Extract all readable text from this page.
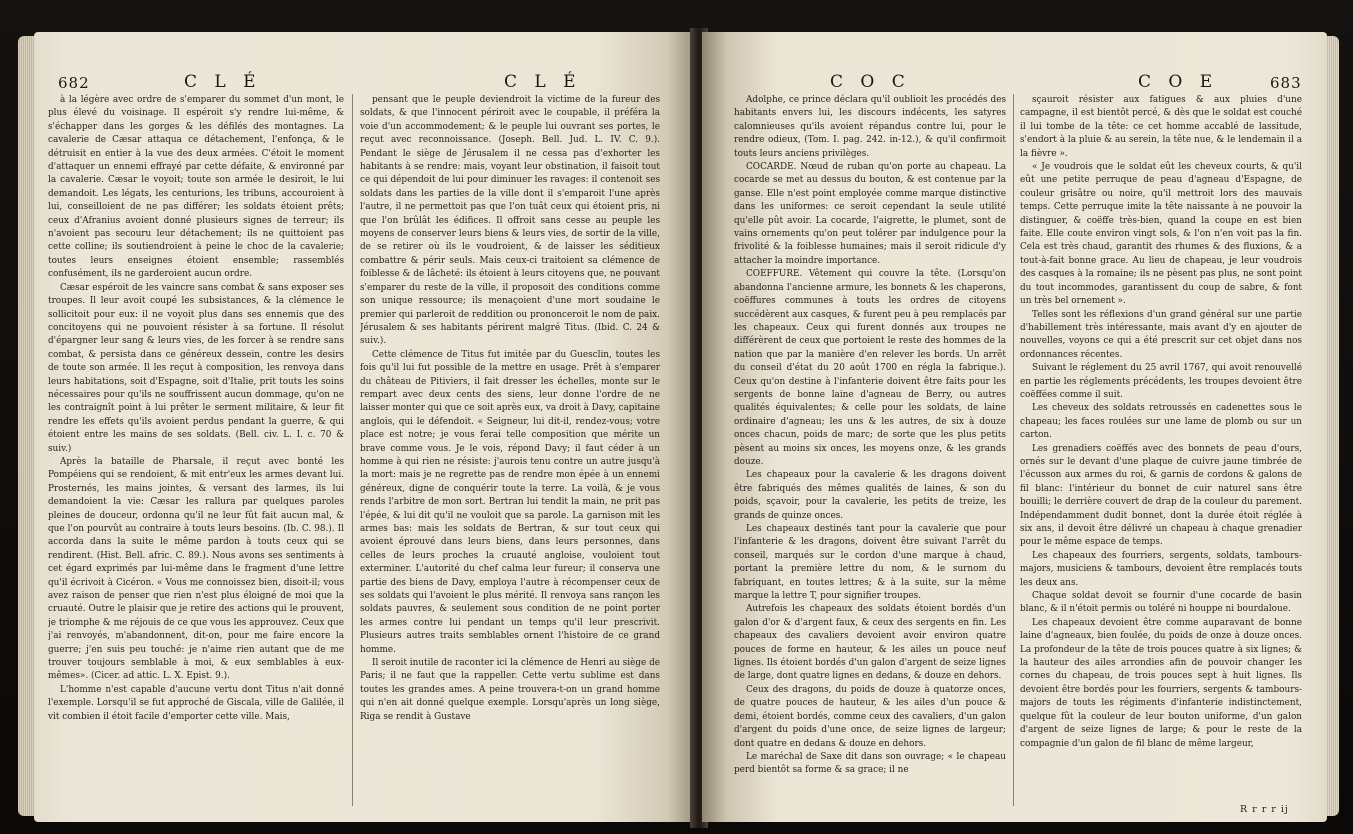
682	C L É	C L É

à la légère avec ordre de s'emparer du sommet d'un mont, le plus élevé du voisinage. Il espéroit s'y rendre lui-même, & s'échapper dans les gorges & les défilés des montagnes. La cavalerie de Cæsar attaqua ce détachement, l'enfonça, & le détruisit en entier à la vue des deux armées. C'étoit le moment d'attaquer un ennemi effrayé par cette défaite, & environné par la cavalerie. Cæsar le voyoit; toute son armée le desiroit, le lui demandoit. Les légats, les centurions, les tribuns, accouroient à lui, conseilloient de ne pas différer; les soldats étoient prêts; ceux d'Afranius avoient donné plusieurs signes de terreur; ils n'avoient pas secouru leur détachement; ils ne quittoient pas cette colline; ils soutiendroient à peine le choc de la cavalerie; toutes leurs enseignes étoient ensemble; rassemblés confusément, ils ne garderoient aucun ordre.

Cæsar espéroit de les vaincre sans combat & sans exposer ses troupes. Il leur avoit coupé les subsistances, & la clémence le sollicitoit pour eux: il ne voyoit plus dans ses ennemis que des concitoyens qui ne pouvoient résister à sa fortune. Il résolut d'épargner leur sang & leurs vies, de les forcer à se rendre sans combat, & persista dans ce généreux dessein, contre les desirs de toute son armée. Il les reçut à composition, les renvoya dans leurs habitations, soit d'Espagne, soit d'Italie, prit touts les soins nécessaires pour qu'ils ne souffrissent aucun dommage, qu'on ne les contraignît point à lui prêter le serment militaire, & leur fit rendre les effets qu'ils avoient perdus pendant la guerre, & qui étoient entre les mains de ses soldats. (Bell. civ. L. I. c. 70 & suiv.)

Après la bataille de Pharsale, il reçut avec bonté les Pompéiens qui se rendoient, & mit entr'eux les armes devant lui. Prosternés, les mains jointes, & versant des larmes, ils lui demandoient la vie: Cæsar les rallura par quelques paroles pleines de douceur, ordonna qu'il ne leur fût fait aucun mal, & que l'on pourvût au contraire à touts leurs besoins. (Ib. C. 98.). Il accorda dans la suite le même pardon à touts ceux qui se rendirent. (Hist. Bell. afric. C. 89.). Nous avons ses sentiments à cet égard exprimés par lui-même dans le fragment d'une lettre qu'il écrivoit à Cicéron. « Vous me connoissez bien, disoit-il; vous avez raison de penser que rien n'est plus éloigné de moi que la cruauté. Outre le plaisir que je retire des actions qui le prouvent, je triomphe & me réjouis de ce que vous les approuvez. Ceux que j'ai renvoyés, m'abandonnent, dit-on, pour me faire encore la guerre; j'en suis peu touché: je n'aime rien autant que de me trouver toujours semblable à moi, & eux semblables à eux-mêmes». (Cicer. ad attic. L. X. Epist. 9.).

L'homme n'est capable d'aucune vertu dont Titus n'ait donné l'exemple. Lorsqu'il se fut approché de Giscala, ville de Galilée, il vit combien il étoit facile d'emporter cette ville. Mais,

pensant que le peuple deviendroit la victime de la fureur des soldats, & que l'innocent périroit avec le coupable, il préféra la voie d'un accommodement; & le peuple lui ouvrant ses portes, le reçut avec reconnoissance. (Joseph. Bell. Jud. L. IV. C. 9.). Pendant le siège de Jérusalem il ne cessa pas d'exhorter les habitants à se rendre: mais, voyant leur obstination, il faisoit tout ce qui dépendoit de lui pour diminuer les ravages: il contenoit ses soldats dans les parties de la ville dont il s'emparoit l'une après l'autre, il ne permettoit pas que l'on tuât ceux qui étoient pris, ni que l'on brûlât les édifices. Il offroit sans cesse au peuple les moyens de conserver leurs biens & leurs vies, de sortir de la ville, de se retirer où ils le voudroient, & de laisser les séditieux combattre & périr seuls. Mais ceux-ci traitoient sa clémence de foiblesse & de lâcheté: ils étoient à leurs citoyens que, ne pouvant s'emparer du reste de la ville, il proposoit des conditions comme son unique ressource; ils menaçoient d'une mort soudaine le premier qui parleroit de reddition ou prononceroit le nom de paix. Jérusalem & ses habitants périrent malgré Titus. (Ibid. C. 24 & suiv.).

Cette clémence de Titus fut imitée par du Guesclin, toutes les fois qu'il lui fut possible de la mettre en usage. Prêt à s'emparer du château de Pitiviers, il fait dresser les échelles, monte sur le rempart avec deux cents des siens, leur donne l'ordre de ne laisser monter qui que ce soit après eux, va droit à Davy, capitaine anglois, qui le défendoit. « Seigneur, lui dit-il, rendez-vous; votre place est notre; je vous ferai telle composition que mérite un brave comme vous. Je le vois, répond Davy; il faut céder à un homme à qui rien ne résiste: j'aurois tenu contre un autre jusqu'à la mort: mais je ne regrette pas de rendre mon épée à un ennemi généreux, digne de conquérir toute la terre. La voilà, & je vous rends l'arbitre de mon sort. Bertran lui tendit la main, ne prit pas l'épée, & lui dit qu'il ne vouloit que sa parole. La garnison mit les armes bas: mais les soldats de Bertran, & sur tout ceux qui avoient éprouvé dans leurs biens, dans leurs personnes, dans celles de leurs proches la cruauté angloise, vouloient tout exterminer. L'autorité du chef calma leur fureur; il conserva une partie des biens de Davy, employa l'autre à récompenser ceux de ses soldats qui l'avoient le plus mérité. Il renvoya sans rançon les soldats pauvres, & seulement sous condition de ne point porter les armes contre lui pendant un temps qu'il leur prescrivit. Plusieurs autres traits semblables ornent l'histoire de ce grand homme.

Il seroit inutile de raconter ici la clémence de Henri au siège de Paris; il ne faut que la rappeller. Cette vertu sublime est dans toutes les grandes ames. A peine trouvera-t-on un grand homme qui n'en ait donné quelque exemple. Lorsqu'après un long siège, Riga se rendit à Gustave

C O C	C O E	683

Adolphe, ce prince déclara qu'il oublioit les procédés des habitants envers lui, les discours indécents, les satyres calomnieuses qu'ils avoient répandus contre lui, pour le rendre odieux, (Tom. I. pag. 242. in-12.), & qu'il confirmoit touts leurs anciens privilèges.

COCARDE. Nœud de ruban qu'on porte au chapeau. La cocarde se met au dessus du bouton, & est contenue par la ganse. Elle n'est point employée comme marque distinctive dans les uniformes: ce seroit cependant la seule utilité qu'elle pût avoir. La cocarde, l'aigrette, le plumet, sont de vains ornements qu'on peut tolérer par indulgence pour la frivolité & la foiblesse humaines; mais il seroit ridicule d'y attacher la moindre importance.

COEFFURE. Vêtement qui couvre la tête. (Lorsqu'on abandonna l'ancienne armure, les bonnets & les chaperons, coëffures communes à touts les ordres de citoyens succédèrent aux casques, & furent peu à peu remplacés par les chapeaux. Ceux qui furent donnés aux troupes ne différèrent de ceux que portoient le reste des hommes de la nation que par la manière d'en relever les bords. Un arrêt du conseil d'état du 20 août 1700 en régla la fabrique.). Ceux qu'on destine à l'infanterie doivent être faits pour les sergents de bonne laine d'agneau de Berry, ou autres qualités équivalentes; & celle pour les soldats, de laine ordinaire d'agneau; les uns & les autres, de six à douze onces chacun, poids de marc; de sorte que les plus petits pèsent au moins six onces, les moyens onze, & les grands douze.

Les chapeaux pour la cavalerie & les dragons doivent être fabriqués des mêmes qualités de laines, & son du poids, sçavoir, pour la cavalerie, les petits de treize, les grands de quinze onces.

Les chapeaux destinés tant pour la cavalerie que pour l'infanterie & les dragons, doivent être suivant l'arrêt du conseil, marqués sur le cordon d'une marque à chaud, portant la première lettre du nom, & le surnom du fabriquant, en toutes lettres; & à la suite, sur la même marque la lettre T, pour signifier troupes.

Autrefois les chapeaux des soldats étoient bordés d'un galon d'or & d'argent faux, & ceux des sergents en fin. Les chapeaux des cavaliers devoient avoir environ quatre pouces de forme en hauteur, & les ailes un pouce neuf lignes. Ils étoient bordés d'un galon d'argent de seize lignes de large, dont quatre lignes en dedans, & douze en dehors.

Ceux des dragons, du poids de douze à quatorze onces, de quatre pouces de hauteur, & les ailes d'un pouce & demi, étoient bordés, comme ceux des cavaliers, d'un galon d'argent du poids d'une once, de seize lignes de largeur; dont quatre en dedans & douze en dehors.

Le maréchal de Saxe dit dans son ouvrage; « le chapeau perd bientôt sa forme & sa grace; il ne

sçauroit résister aux fatigues & aux pluies d'une campagne, il est bientôt percé, & dès que le soldat est couché il lui tombe de la tête: ce cet homme accablé de lassitude, s'endort à la pluie & au serein, la tête nue, & le lendemain il a la fièvre ».

« Je voudrois que le soldat eût les cheveux courts, & qu'il eût une petite perruque de peau d'agneau d'Espagne, de couleur grisâtre ou noire, qu'il mettroit lors des mauvais temps. Cette perruque imite la tête naissante à ne pouvoir la distinguer, & coëffe très-bien, quand la coupe en est bien faite. Elle coute environ vingt sols, & l'on n'en voit pas la fin. Cela est très chaud, garantit des rhumes & des fluxions, & a tout-à-fait bonne grace. Au lieu de chapeau, je leur voudrois des casques à la romaine; ils ne pèsent pas plus, ne sont point du tout incommodes, garantissent du coup de sabre, & font un très bel ornement ».

Telles sont les réflexions d'un grand général sur une partie d'habillement très intéressante, mais avant d'y en ajouter de nouvelles, voyons ce qui a été prescrit sur cet objet dans nos ordonnances récentes.

Suivant le réglement du 25 avril 1767, qui avoit renouvellé en partie les réglements précédents, les troupes devoient être coëffées comme il suit.

Les cheveux des soldats retroussés en cadenettes sous le chapeau; les faces roulées sur une lame de plomb ou sur un carton.

Les grenadiers coëffés avec des bonnets de peau d'ours, ornés sur le devant d'une plaque de cuivre jaune timbrée de l'écusson aux armes du roi, & garnis de cordons & galons de fil blanc: l'intérieur du bonnet de cuir naturel sans être bouilli; le derrière couvert de drap de la couleur du parement. Indépendamment dudit bonnet, dont la durée étoit réglée à six ans, il devoit être délivré un chapeau à chaque grenadier pour le même espace de temps.

Les chapeaux des fourriers, sergents, soldats, tambours-majors, musiciens & tambours, devoient être remplacés touts les deux ans.

Chaque soldat devoit se fournir d'une cocarde de basin blanc, & il n'étoit permis ou toléré ni houppe ni bourdaloue.

Les chapeaux devoient être comme auparavant de bonne laine d'agneaux, bien foulée, du poids de onze à douze onces. La profondeur de la tête de trois pouces quatre à six lignes; & la hauteur des ailes arrondies afin de pouvoir changer les cornes du chapeau, de trois pouces sept à huit lignes. Ils devoient être bordés pour les fourriers, sergents & tambours-majors de touts les régiments d'infanterie indistinctement, quelque fût la couleur de leur bouton uniforme, d'un galon d'argent de seize lignes de large; & pour le reste de la compagnie d'un galon de fil blanc de même largeur,

R r r r ij
